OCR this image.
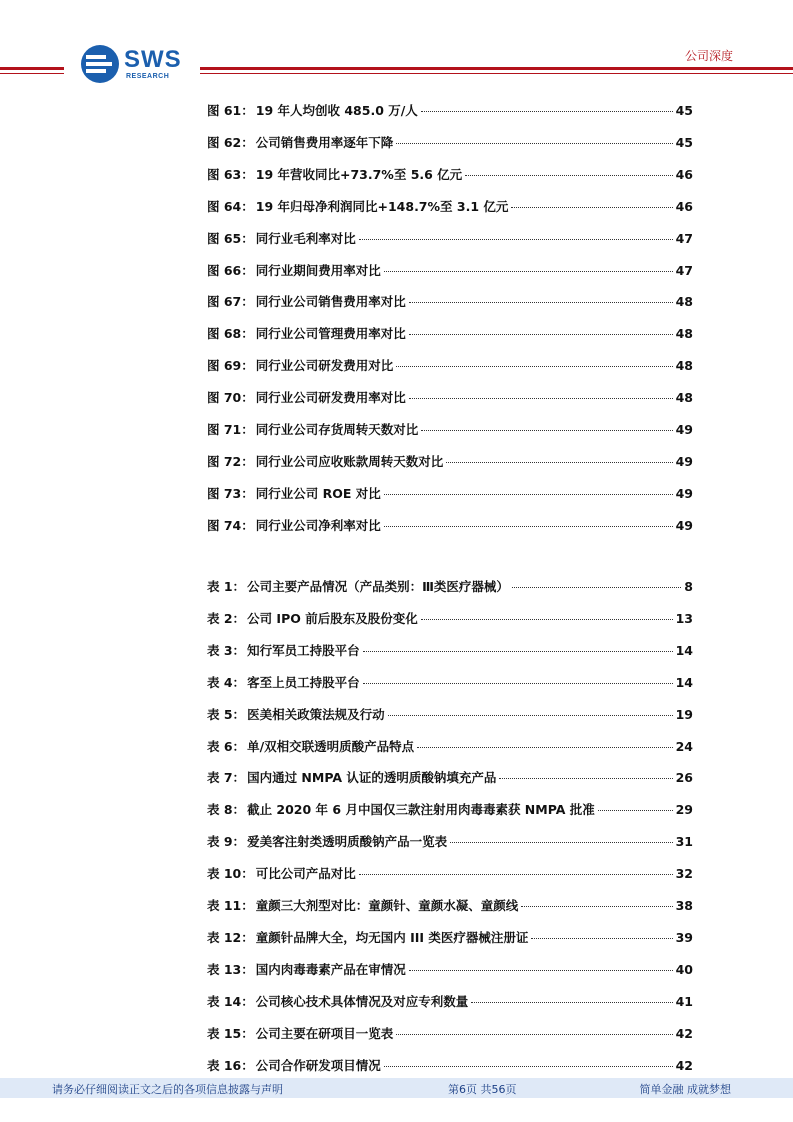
SWS
RESEARCH
公司深度
图 61： 19 年人均创收 485.0 万/人	45
图 62： 公司销售费用率逐年下降	45
图 63： 19 年营收同比+73.7%至 5.6 亿元	46
图 64： 19 年归母净利润同比+148.7%至 3.1 亿元	46
图 65： 同行业毛利率对比	47
图 66： 同行业期间费用率对比	47
图 67： 同行业公司销售费用率对比	48
图 68： 同行业公司管理费用率对比	48
图 69： 同行业公司研发费用对比	48
图 70： 同行业公司研发费用率对比	48
图 71： 同行业公司存货周转天数对比	49
图 72： 同行业公司应收账款周转天数对比	49
图 73： 同行业公司 ROE 对比	49
图 74： 同行业公司净利率对比	49
表 1： 公司主要产品情况（产品类别：Ⅲ类医疗器械）	8
表 2： 公司 IPO 前后股东及股份变化	13
表 3： 知行军员工持股平台	14
表 4： 客至上员工持股平台	14
表 5： 医美相关政策法规及行动	19
表 6： 单/双相交联透明质酸产品特点	24
表 7： 国内通过 NMPA 认证的透明质酸钠填充产品	26
表 8： 截止 2020 年 6 月中国仅三款注射用肉毒毒素获 NMPA 批准	29
表 9： 爱美客注射类透明质酸钠产品一览表	31
表 10： 可比公司产品对比	32
表 11： 童颜三大剂型对比：童颜针、童颜水凝、童颜线	38
表 12： 童颜针品牌大全，均无国内 III 类医疗器械注册证	39
表 13： 国内肉毒毒素产品在审情况	40
表 14： 公司核心技术具体情况及对应专利数量	41
表 15： 公司主要在研项目一览表	42
表 16： 公司合作研发项目情况	42
请务必仔细阅读正文之后的各项信息披露与声明	第6页 共56页	简单金融 成就梦想
